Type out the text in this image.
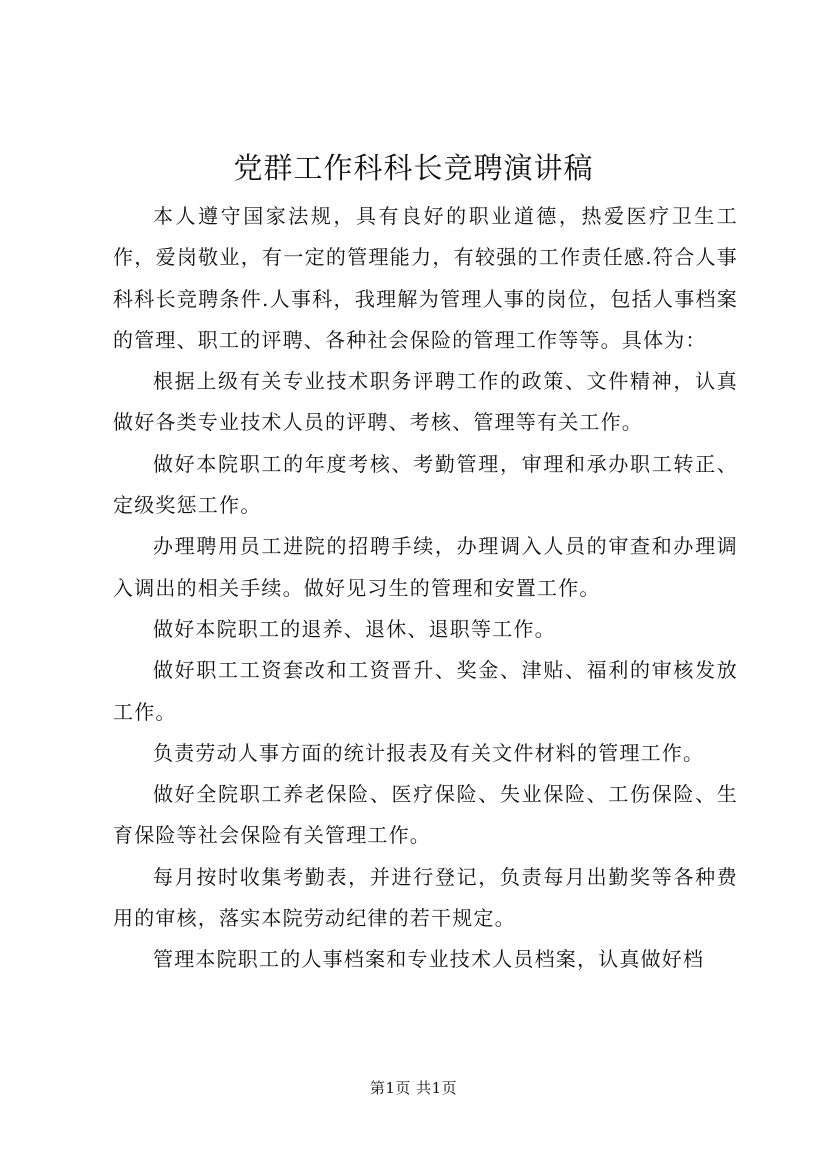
党群工作科科长竞聘演讲稿

本人遵守国家法规，具有良好的职业道德，热爱医疗卫生工作，爱岗敬业，有一定的管理能力，有较强的工作责任感.符合人事科科长竞聘条件.人事科，我理解为管理人事的岗位，包括人事档案的管理、职工的评聘、各种社会保险的管理工作等等。具体为：

根据上级有关专业技术职务评聘工作的政策、文件精神，认真做好各类专业技术人员的评聘、考核、管理等有关工作。

做好本院职工的年度考核、考勤管理，审理和承办职工转正、定级奖惩工作。

办理聘用员工进院的招聘手续，办理调入人员的审查和办理调入调出的相关手续。做好见习生的管理和安置工作。

做好本院职工的退养、退休、退职等工作。

做好职工工资套改和工资晋升、奖金、津贴、福利的审核发放工作。

负责劳动人事方面的统计报表及有关文件材料的管理工作。

做好全院职工养老保险、医疗保险、失业保险、工伤保险、生育保险等社会保险有关管理工作。

每月按时收集考勤表，并进行登记，负责每月出勤奖等各种费用的审核，落实本院劳动纪律的若干规定。

管理本院职工的人事档案和专业技术人员档案，认真做好档

第1页 共1页
